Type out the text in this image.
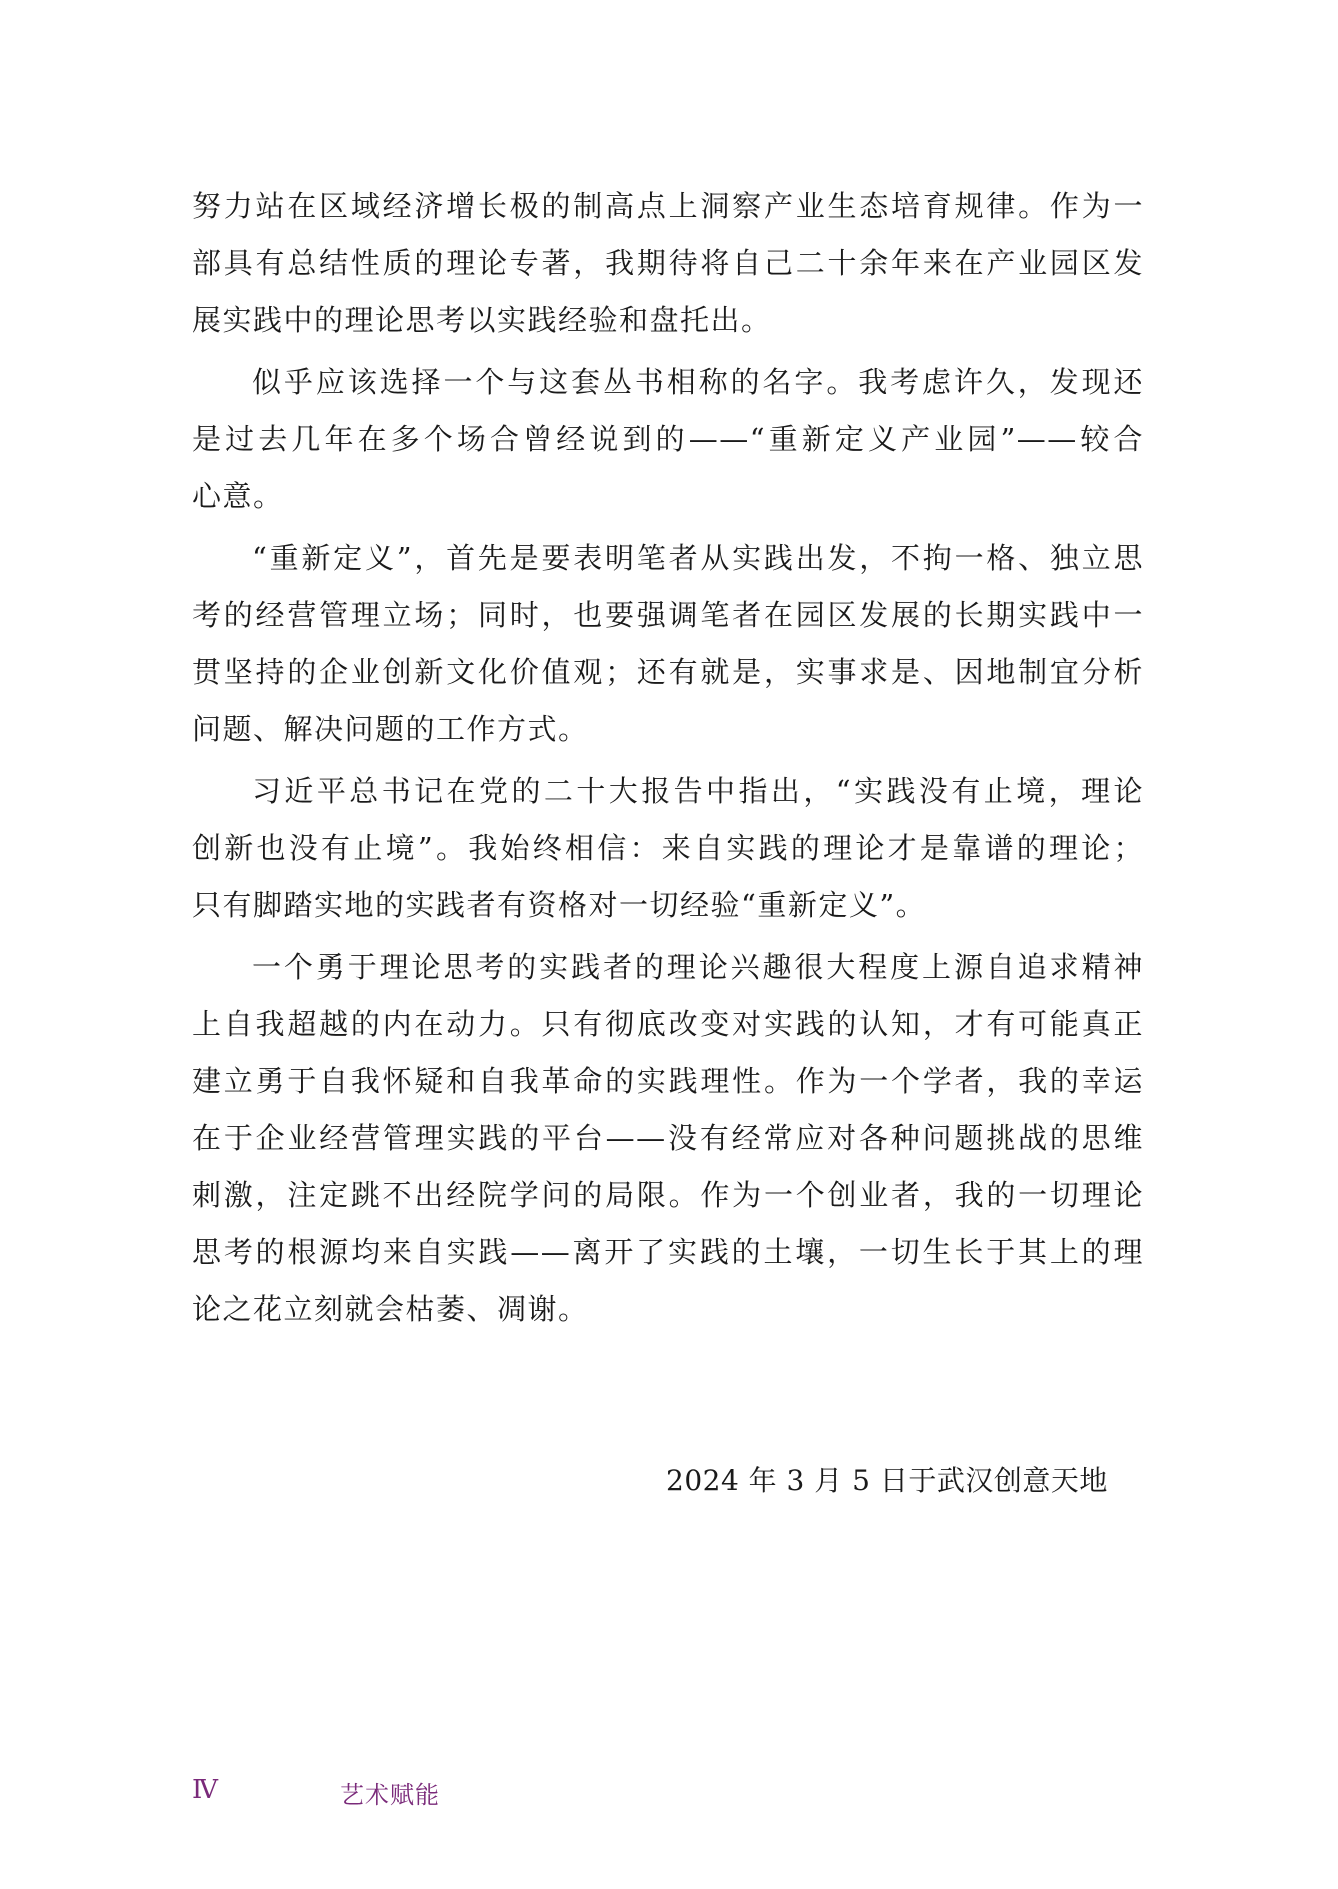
努力站在区域经济增长极的制高点上洞察产业生态培育规律。作为一
部具有总结性质的理论专著，我期待将自己二十余年来在产业园区发
展实践中的理论思考以实践经验和盘托出。
似乎应该选择一个与这套丛书相称的名字。我考虑许久，发现还
是过去几年在多个场合曾经说到的——“重新定义产业园”——较合
心意。
“重新定义”，首先是要表明笔者从实践出发，不拘一格、独立思
考的经营管理立场；同时，也要强调笔者在园区发展的长期实践中一
贯坚持的企业创新文化价值观；还有就是，实事求是、因地制宜分析
问题、解决问题的工作方式。
习近平总书记在党的二十大报告中指出，“实践没有止境，理论
创新也没有止境”。我始终相信：来自实践的理论才是靠谱的理论；
只有脚踏实地的实践者有资格对一切经验“重新定义”。
一个勇于理论思考的实践者的理论兴趣很大程度上源自追求精神
上自我超越的内在动力。只有彻底改变对实践的认知，才有可能真正
建立勇于自我怀疑和自我革命的实践理性。作为一个学者，我的幸运
在于企业经营管理实践的平台——没有经常应对各种问题挑战的思维
刺激，注定跳不出经院学问的局限。作为一个创业者，我的一切理论
思考的根源均来自实践——离开了实践的土壤，一切生长于其上的理
论之花立刻就会枯萎、凋谢。
2024 年 3 月 5 日于武汉创意天地
Ⅳ	艺术赋能
